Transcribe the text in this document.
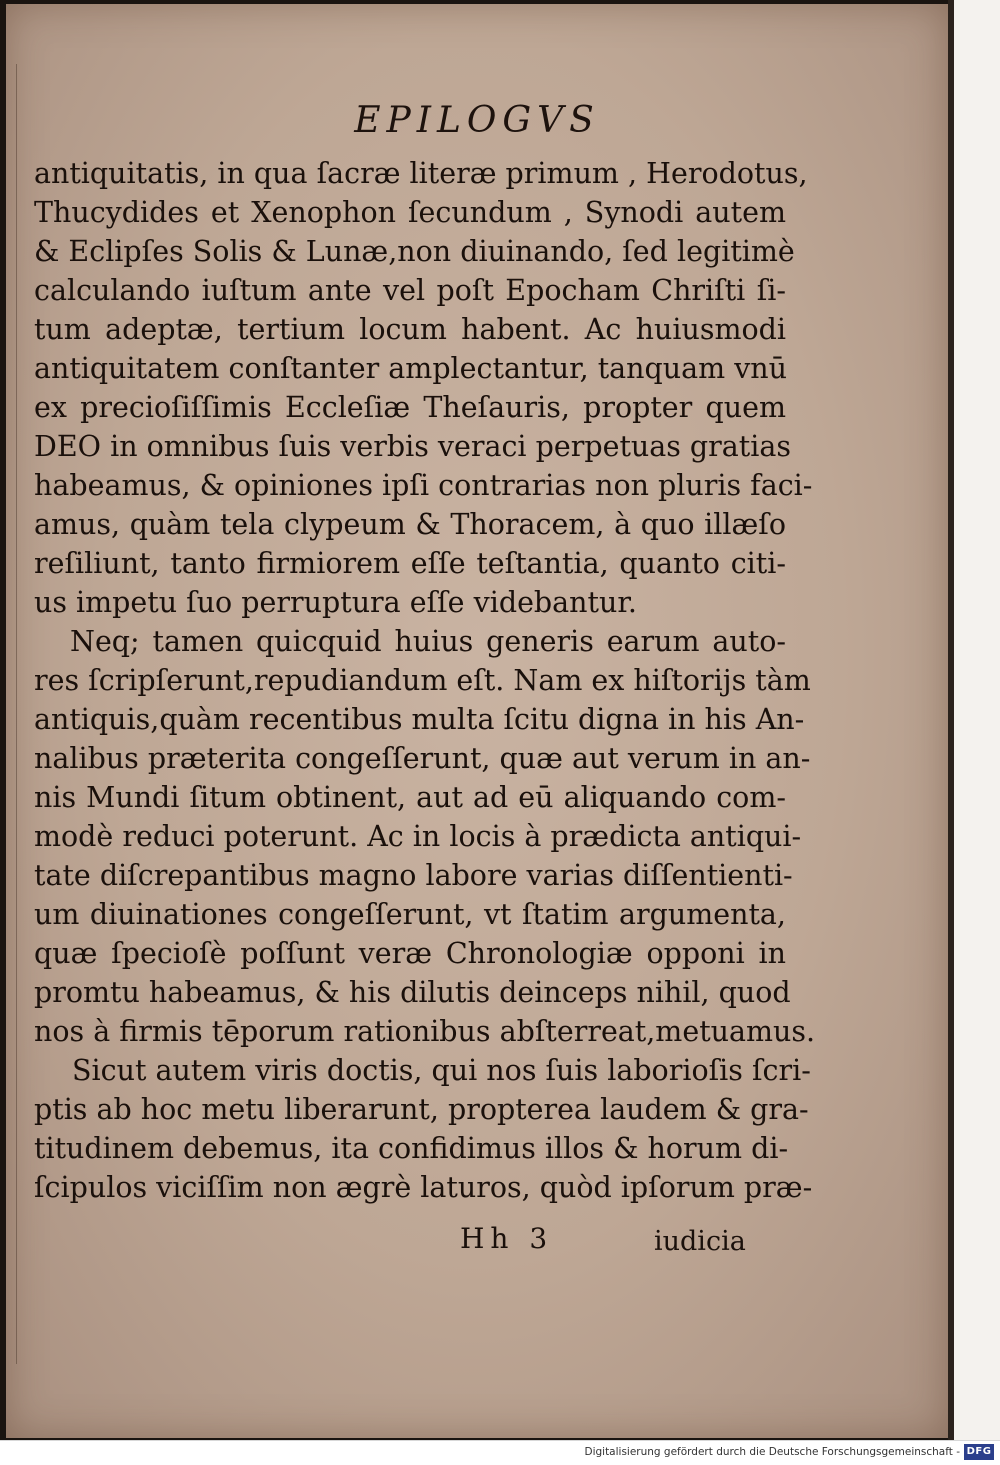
EPILOGVS
antiquitatis, in qua ſacræ literæ primum , Herodotus,
Thucydides et Xenophon ſecundum , Synodi autem
& Eclipſes Solis & Lunæ,non diuinando, ſed legitimè
calculando iuſtum ante vel poſt Epocham Chriſti ſi-
tum adeptæ, tertium locum habent. Ac huiusmodi
antiquitatem conſtanter amplectantur, tanquam vnū
ex precioſiſſimis Eccleſiæ Theſauris, propter quem
DEO in omnibus ſuis verbis veraci perpetuas gratias
habeamus, & opiniones ipſi contrarias non pluris faci-
amus, quàm tela clypeum & Thoracem, à quo illæſo
reſiliunt, tanto firmiorem eſſe teſtantia, quanto citi-
us impetu ſuo perruptura eſſe videbantur.
Neq; tamen quicquid huius generis earum auto-
res ſcripſerunt,repudiandum eſt. Nam ex hiſtorijs tàm
antiquis,quàm recentibus multa ſcitu digna in his An-
nalibus præterita congeſſerunt, quæ aut verum in an-
nis Mundi ſitum obtinent, aut ad eū aliquando com-
modè reduci poterunt. Ac in locis à prædicta antiqui-
tate diſcrepantibus magno labore varias diſſentienti-
um diuinationes congeſſerunt, vt ſtatim argumenta,
quæ ſpecioſè poſſunt veræ Chronologiæ opponi in
promtu habeamus, & his dilutis deinceps nihil, quod
nos à firmis tēporum rationibus abſterreat,metuamus.
Sicut autem viris doctis, qui nos ſuis laborioſis ſcri-
ptis ab hoc metu liberarunt, propterea laudem & gra-
titudinem debemus, ita confidimus illos & horum di-
ſcipulos viciſſim non ægrè laturos, quòd ipſorum præ-
Hh 3	iudicia
Digitalisierung gefördert durch die Deutsche Forschungsgemeinschaft - DFG
